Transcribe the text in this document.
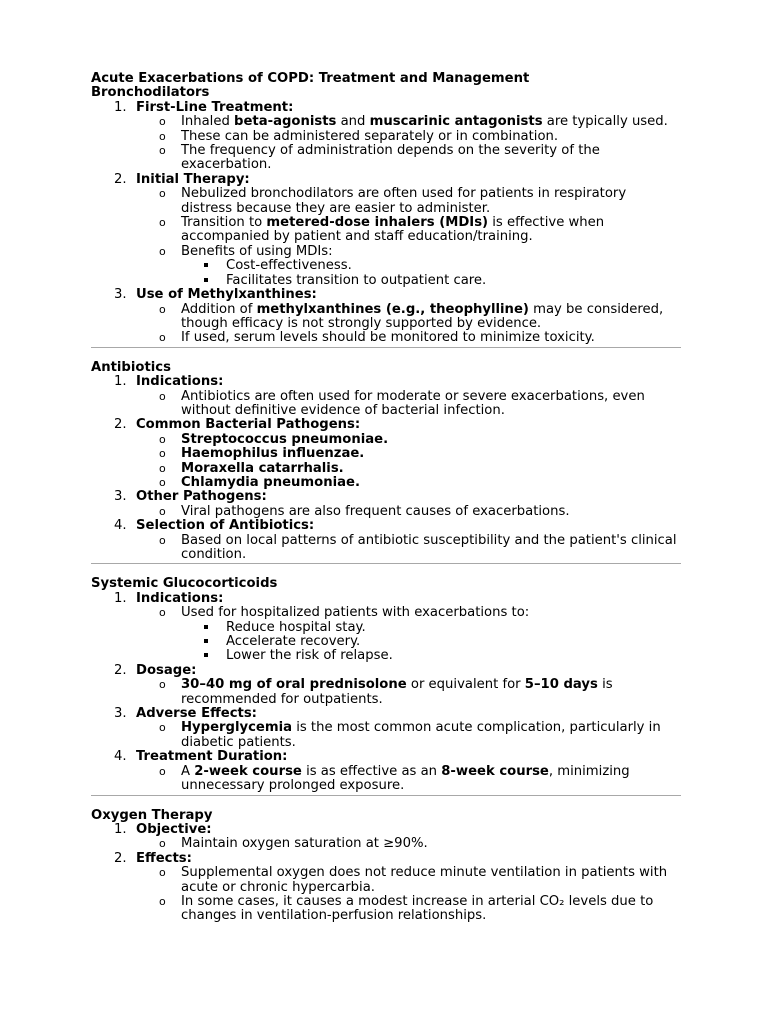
Acute Exacerbations of COPD: Treatment and Management
Bronchodilators
1. First-Line Treatment:
o Inhaled beta-agonists and muscarinic antagonists are typically used.
o These can be administered separately or in combination.
o The frequency of administration depends on the severity of the exacerbation.
2. Initial Therapy:
o Nebulized bronchodilators are often used for patients in respiratory distress because they are easier to administer.
o Transition to metered-dose inhalers (MDIs) is effective when accompanied by patient and staff education/training.
o Benefits of using MDIs:
Cost-effectiveness.
Facilitates transition to outpatient care.
3. Use of Methylxanthines:
o Addition of methylxanthines (e.g., theophylline) may be considered, though efficacy is not strongly supported by evidence.
o If used, serum levels should be monitored to minimize toxicity.
Antibiotics
1. Indications:
o Antibiotics are often used for moderate or severe exacerbations, even without definitive evidence of bacterial infection.
2. Common Bacterial Pathogens:
o Streptococcus pneumoniae.
o Haemophilus influenzae.
o Moraxella catarrhalis.
o Chlamydia pneumoniae.
3. Other Pathogens:
o Viral pathogens are also frequent causes of exacerbations.
4. Selection of Antibiotics:
o Based on local patterns of antibiotic susceptibility and the patient's clinical condition.
Systemic Glucocorticoids
1. Indications:
o Used for hospitalized patients with exacerbations to:
Reduce hospital stay.
Accelerate recovery.
Lower the risk of relapse.
2. Dosage:
o 30–40 mg of oral prednisolone or equivalent for 5–10 days is recommended for outpatients.
3. Adverse Effects:
o Hyperglycemia is the most common acute complication, particularly in diabetic patients.
4. Treatment Duration:
o A 2-week course is as effective as an 8-week course, minimizing unnecessary prolonged exposure.
Oxygen Therapy
1. Objective:
o Maintain oxygen saturation at ≥90%.
2. Effects:
o Supplemental oxygen does not reduce minute ventilation in patients with acute or chronic hypercarbia.
o In some cases, it causes a modest increase in arterial CO₂ levels due to changes in ventilation-perfusion relationships.
